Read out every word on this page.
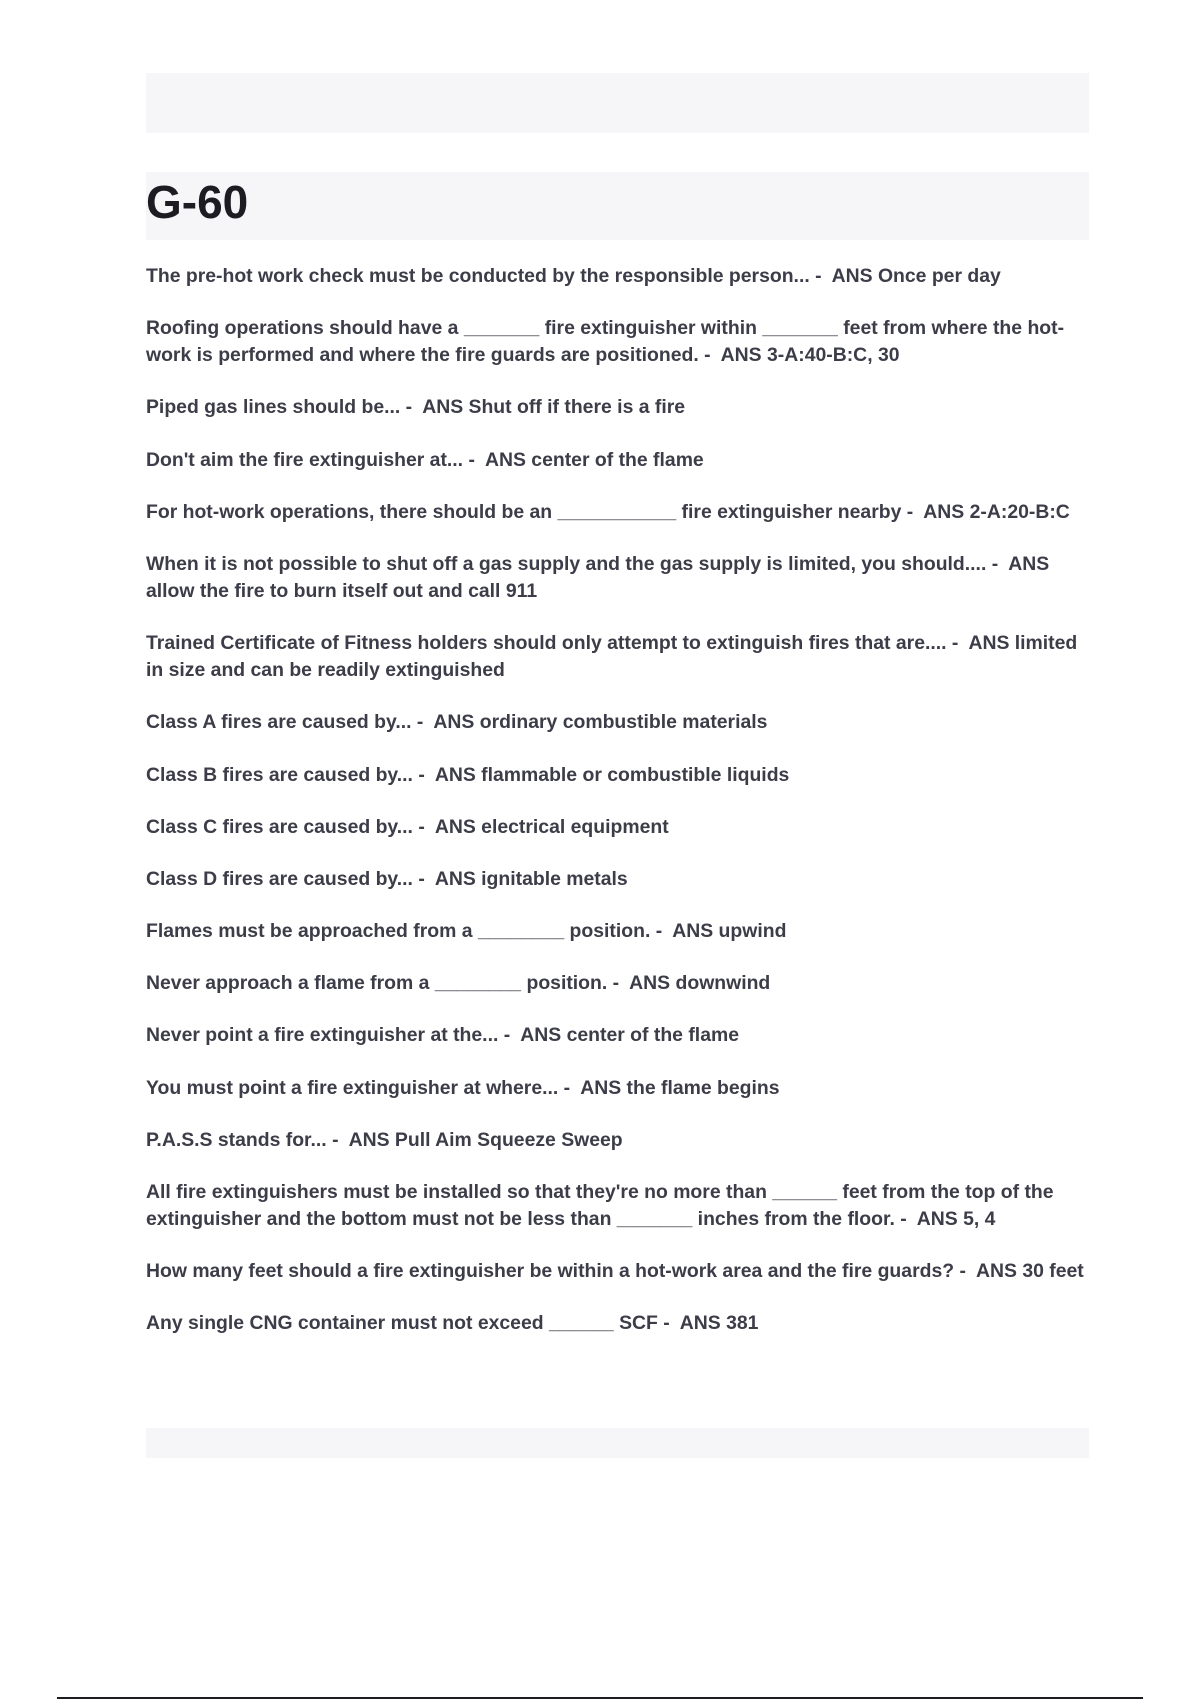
G-60

The pre-hot work check must be conducted by the responsible person... -  ANS Once per day

Roofing operations should have a _______ fire extinguisher within _______ feet from where the hot-work is performed and where the fire guards are positioned. -  ANS 3-A:40-B:C, 30

Piped gas lines should be... -  ANS Shut off if there is a fire

Don't aim the fire extinguisher at... -  ANS center of the flame

For hot-work operations, there should be an ___________ fire extinguisher nearby -  ANS 2-A:20-B:C

When it is not possible to shut off a gas supply and the gas supply is limited, you should.... -  ANS allow the fire to burn itself out and call 911

Trained Certificate of Fitness holders should only attempt to extinguish fires that are.... -  ANS limited in size and can be readily extinguished

Class A fires are caused by... -  ANS ordinary combustible materials

Class B fires are caused by... -  ANS flammable or combustible liquids

Class C fires are caused by... -  ANS electrical equipment

Class D fires are caused by... -  ANS ignitable metals

Flames must be approached from a ________ position. -  ANS upwind

Never approach a flame from a ________ position. -  ANS downwind

Never point a fire extinguisher at the... -  ANS center of the flame

You must point a fire extinguisher at where... -  ANS the flame begins

P.A.S.S stands for... -  ANS Pull Aim Squeeze Sweep

All fire extinguishers must be installed so that they're no more than ______ feet from the top of the extinguisher and the bottom must not be less than _______ inches from the floor. -  ANS 5, 4

How many feet should a fire extinguisher be within a hot-work area and the fire guards? -  ANS 30 feet

Any single CNG container must not exceed ______ SCF -  ANS 381
